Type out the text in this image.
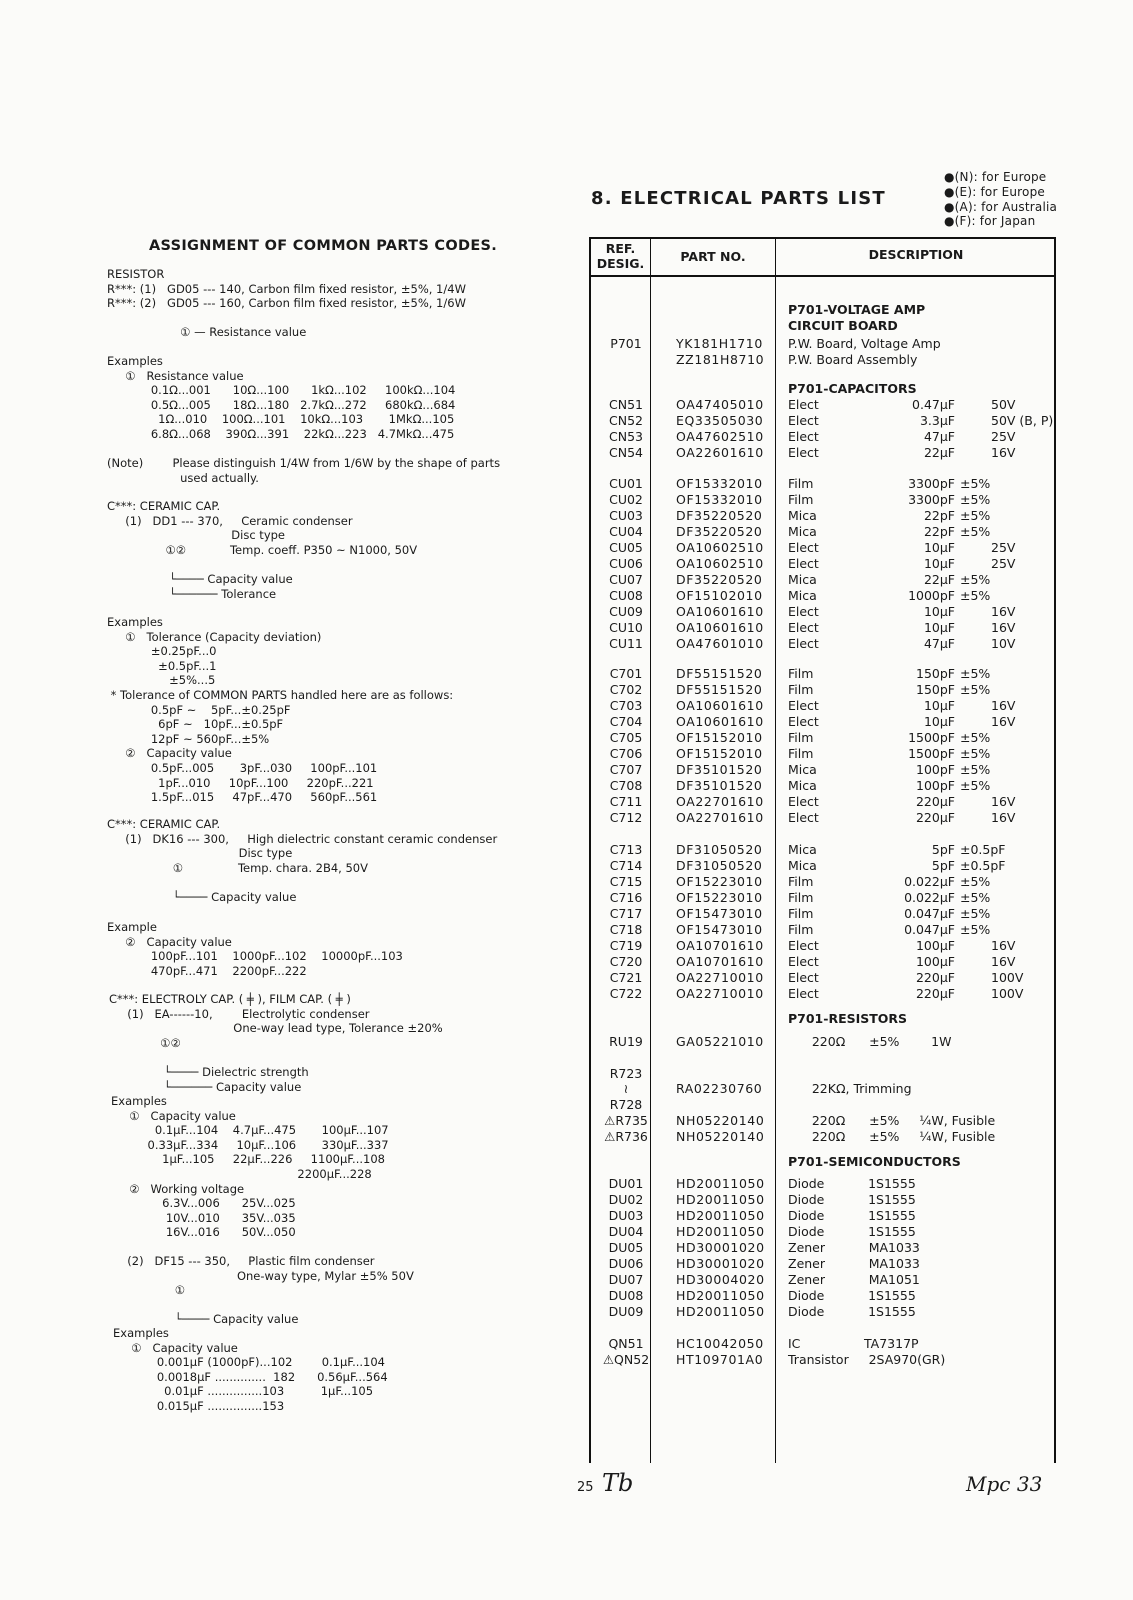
ASSIGNMENT OF COMMON PARTS CODES.
RESISTOR
R***: (1)   GD05 --- 140, Carbon film fixed resistor, ±5%, 1/4W
R***: (2)   GD05 --- 160, Carbon film fixed resistor, ±5%, 1/6W

① — Resistance value
Examples
①   Resistance value
0.1Ω...001      10Ω...100      1kΩ...102     100kΩ...104
0.5Ω...005      18Ω...180   2.7kΩ...272     680kΩ...684
1Ω...010    100Ω...101    10kΩ...103       1MkΩ...105
6.8Ω...068    390Ω...391    22kΩ...223   4.7MkΩ...475
(Note)        Please distinguish 1/4W from 1/6W by the shape of parts
used actually.
C***: CERAMIC CAP.
(1)   DD1 --- 370,     Ceramic condenser
Disc type
①②            Temp. coeff. P350 ~ N1000, 50V

└──── Capacity value
└────── Tolerance
Examples
①   Tolerance (Capacity deviation)
±0.25pF...0
±0.5pF...1
±5%...5
* Tolerance of COMMON PARTS handled here are as follows:
0.5pF ~    5pF...±0.25pF
6pF ~   10pF...±0.5pF
12pF ~ 560pF...±5%
②   Capacity value
0.5pF...005       3pF...030     100pF...101
1pF...010     10pF...100     220pF...221
1.5pF...015     47pF...470     560pF...561
C***: CERAMIC CAP.
(1)   DK16 --- 300,     High dielectric constant ceramic condenser
Disc type
①               Temp. chara. 2B4, 50V

└──── Capacity value
Example
②   Capacity value
100pF...101    1000pF...102    10000pF...103
470pF...471    2200pF...222
C***: ELECTROLY CAP. ( ╪ ), FILM CAP. ( ╪ )
(1)   EA------10,        Electrolytic condenser
One-way lead type, Tolerance ±20%
①②

└──── Dielectric strength
└────── Capacity value
Examples
①   Capacity value
0.1µF...104    4.7µF...475       100µF...107
0.33µF...334     10µF...106       330µF...337
1µF...105     22µF...226     1100µF...108
2200µF...228
②   Working voltage
6.3V...006      25V...025
10V...010      35V...035
16V...016      50V...050
(2)   DF15 --- 350,     Plastic film condenser
One-way type, Mylar ±5% 50V
①

└──── Capacity value
Examples
①   Capacity value
0.001µF (1000pF)...102        0.1µF...104
0.0018µF ..............  182      0.56µF...564
0.01µF ...............103          1µF...105
0.015µF ...............153
8. ELECTRICAL PARTS LIST
●(N): for Europe
●(E): for Europe
●(A): for Australia
●(F): for Japan
REF.
DESIG.	PART NO.	DESCRIPTION
P701-VOLTAGE AMP
CIRCUIT BOARD
P701-CAPACITORS
P701-RESISTORS
P701-SEMICONDUCTORS
P701	YK181H1710 P.W. Board, Voltage Amp
ZZ181H8710 P.W. Board Assembly
CN51	OA47405010 Elect	0.47µF	50V
CN52	EQ33505030 Elect	3.3µF	50V (B, P)
CN53	OA47602510 Elect	47µF	25V
CN54	OA22601610 Elect	22µF	16V
CU01	OF15332010 Film	3300pF ±5%
CU02	OF15332010 Film	3300pF ±5%
CU03	DF35220520 Mica	22pF ±5%
CU04	DF35220520 Mica	22pF ±5%
CU05	OA10602510 Elect	10µF	25V
CU06	OA10602510 Elect	10µF	25V
CU07	DF35220520 Mica	22µF ±5%
CU08	OF15102010 Mica	1000pF ±5%
CU09	OA10601610 Elect	10µF	16V
CU10	OA10601610 Elect	10µF	16V
CU11	OA47601010 Elect	47µF	10V
C701	DF55151520 Film	150pF ±5%
C702	DF55151520 Film	150pF ±5%
C703	OA10601610 Elect	10µF	16V
C704	OA10601610 Elect	10µF	16V
C705	OF15152010 Film	1500pF ±5%
C706	OF15152010 Film	1500pF ±5%
C707	DF35101520 Mica	100pF ±5%
C708	DF35101520 Mica	100pF ±5%
C711	OA22701610 Elect	220µF	16V
C712	OA22701610 Elect	220µF	16V
C713	DF31050520 Mica	5pF ±0.5pF
C714	DF31050520 Mica	5pF ±0.5pF
C715	OF15223010 Film	0.022µF ±5%
C716	OF15223010 Film	0.022µF ±5%
C717	OF15473010 Film	0.047µF ±5%
C718	OF15473010 Film	0.047µF ±5%
C719	OA10701610 Elect	100µF	16V
C720	OA10701610 Elect	100µF	16V
C721	OA22710010 Elect	220µF	100V
C722	OA22710010 Elect	220µF	100V
RU19	GA05221010 220Ω      ±5%        1W
R723
≀	RA02230760 22KΩ, Trimming
R728
⚠R735	NH05220140 220Ω      ±5%     ¼W, Fusible
⚠R736	NH05220140 220Ω      ±5%     ¼W, Fusible
DU01	HD20011050 Diode           1S1555
DU02	HD20011050 Diode           1S1555
DU03	HD20011050 Diode           1S1555
DU04	HD20011050 Diode           1S1555
DU05	HD30001020 Zener           MA1033
DU06	HD30001020 Zener           MA1033
DU07	HD30004020 Zener           MA1051
DU08	HD20011050 Diode           1S1555
DU09	HD20011050 Diode           1S1555
QN51	HC10042050 IC                TA7317P
⚠QN52	HT109701A0 Transistor     2SA970(GR)
25 Tb	Mpc 33
